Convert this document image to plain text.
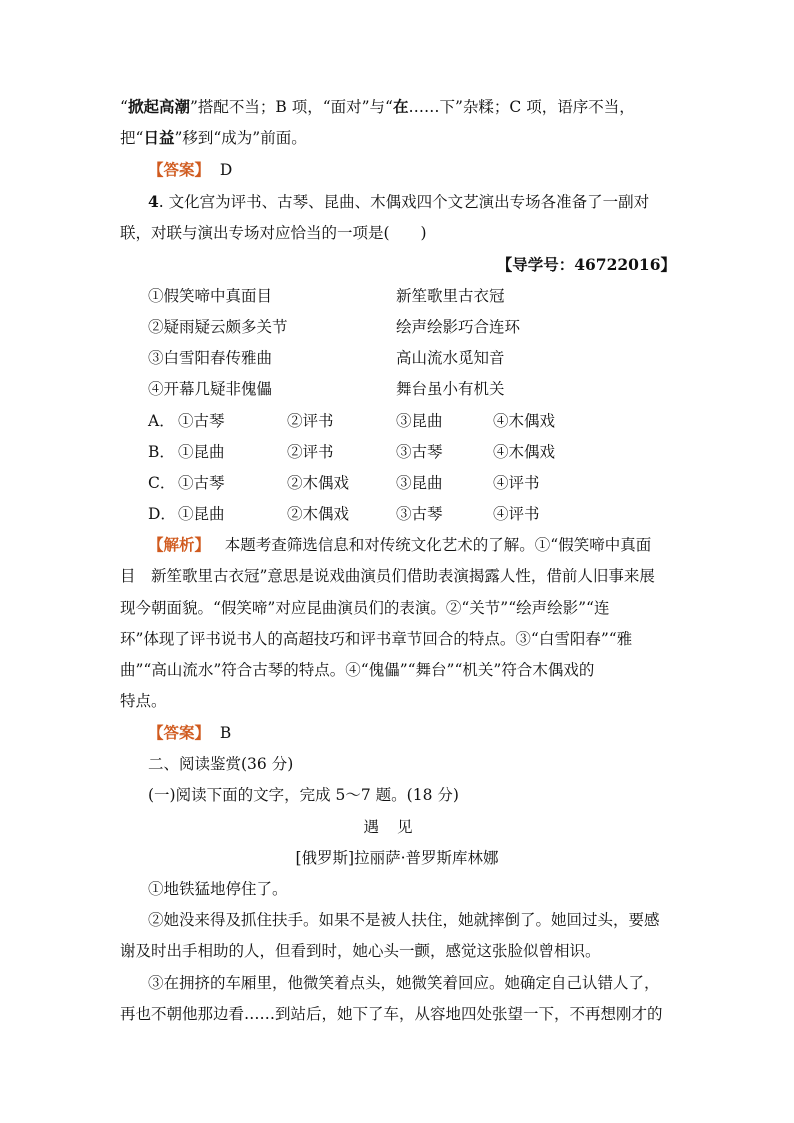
“掀起高潮”搭配不当；B 项，“面对”与“在……下”杂糅；C 项，语序不当，
把“日益”移到“成为”前面。
【答案】 D
4. 文化宫为评书、古琴、昆曲、木偶戏四个文艺演出专场各准备了一副对
联，对联与演出专场对应恰当的一项是(　　)
【导学号：46722016】
①假笑啼中真面目	新笙歌里古衣冠
②疑雨疑云颇多关节	绘声绘影巧合连环
③白雪阳春传雅曲	高山流水觅知音
④开幕几疑非傀儡	舞台虽小有机关
A． ①古琴	②评书	③昆曲	④木偶戏
B． ①昆曲	②评书	③古琴	④木偶戏
C． ①古琴	②木偶戏	③昆曲	④评书
D． ①昆曲	②木偶戏	③古琴	④评书
【解析】 本题考查筛选信息和对传统文化艺术的了解。①“假笑啼中真面
目　新笙歌里古衣冠”意思是说戏曲演员们借助表演揭露人性，借前人旧事来展
现今朝面貌。“假笑啼”对应昆曲演员们的表演。②“关节”“绘声绘影”“连
环”体现了评书说书人的高超技巧和评书章节回合的特点。③“白雪阳春”“雅
曲”“高山流水”符合古琴的特点。④“傀儡”“舞台”“机关”符合木偶戏的
特点。
【答案】 B
二、阅读鉴赏(36 分)
(一)阅读下面的文字，完成 5～7 题。(18 分)
遇见
[俄罗斯]拉丽萨·普罗斯库林娜
①地铁猛地停住了。
②她没来得及抓住扶手。如果不是被人扶住，她就摔倒了。她回过头，要感
谢及时出手相助的人，但看到时，她心头一颤，感觉这张脸似曾相识。
③在拥挤的车厢里，他微笑着点头，她微笑着回应。她确定自己认错人了，
再也不朝他那边看……到站后，她下了车，从容地四处张望一下，不再想刚才的
